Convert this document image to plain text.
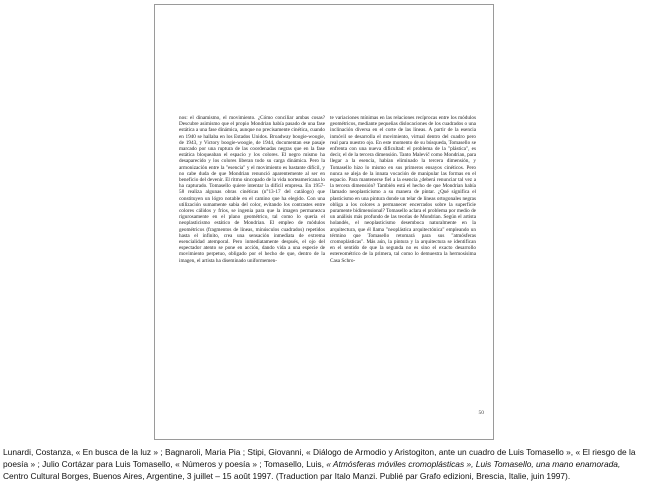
nos: el dinamismo, el movimiento. ¿Cómo conciliar ambas cosas? Descubre asimismo que el propio Mondrian había pasado de una fase estática a una fase dinámica, aunque no precisamente cinética, cuando en 1940 se hallaba en los Estados Unidos. Broadway boogie-woogie, de 1943, y Victory boogie-woogie, de 1944, documentan ese pasaje marcado por una ruptura de las coordenadas negras que en la fase estática bloqueaban el espacio y los colores. El negro mismo ha desaparecido y los colores liberan todo su carga dinámica. Pero la armonización entre la "esencia" y el movimiento es bastante difícil, y no cabe duda de que Mondrian renunció aparentemente al ser en beneficio del devenir. El ritmo sincopado de la vida norteamericana lo ha capturado. Tomasello quiere intentar la difícil empresa. En 1957-58 realiza algunas obras cinéticas (n°13-17 del catálogo) que constituyen un lógro notable en el camino que ha elegido. Con una utilización sumamente sabia del color, evitando los contrastes entre colores cálidos y fríos, se ingenia para que la imagen permanezca rigurosamente en el plano geométrico, tal como lo quería el neoplasticismo estático de Mondrian. El empleo de módulos geométricos (fragmentos de líneas, minúsculos cuadrados) repetidos hasta el infinito, crea una sensación inmediata de extrema esencialidad atemporal. Pero inmediatamente después, el ojo del espectador atento se pone en acción, dando vida a una especie de movimiento perpetuo, obligado por el hecho de que, dentro de la imagen, el artista ha diseminado uniformemen-

te variaciones mínimas en las relaciones recíprocas entre los módulos geométricos, mediante pequeñas dislocaciones de los cuadrados o una inclinación diversa en el corte de las líneas. A partir de la esencia inmóvil se desarrolla el movimiento, virtual dentro del cuadro pero real para nuestro ojo. En este momento de su búsqueda, Tomasello se enfrenta con una nueva dificultad: el problema de la "plástica", es decir, el de la tercera dimensión. Tanto Malevič como Mondrian, para llegar a la esencia, habían eliminado la tercera dimensión, y Tomasello hizo lo mismo en sus primeros ensayos cinéticos. Pero nunca se aleja de la innata vocación de manipular las formas en el espacio. Para mantenerse fiel a la esencia ¿deberá renunciar tal vez a la tercera dimensión? También está el hecho de que Mondrian había llamado neoplasticismo a su manera de pintar. ¿Qué significa el plasticismo en una pintura donde un telar de líneas ortogonales negras obliga a los colores a permanecer encerrados sobre la superficie puramente bidimensional? Tomasello aclara el problema por medio de un análisis más profundo de las teorías de Mondrian. Según el artista holandés, el neoplasticismo desemboca naturalmente en la arquitectura, que él llama "neoplástica arquitectónica" empleando un término que Tomasello retomará para sus "atmósferas cromoplásticas". Más aún, la pintura y la arquitectura se identifican en el sentido de que la segunda no es sino el exacto desarrollo estereométrico de la primera, tal como lo demuestra la hermosísima Casa Schro-

50

Lunardi, Costanza, « En busca de la luz » ; Bagnaroli, Maria Pia ; Stipi, Giovanni, « Diálogo de Armodio y Aristogiton, ante un cuadro de Luis Tomasello », « El riesgo de la poesía » ; Julio Cortázar para Luis Tomasello, « Números y poesía » ; Tomasello, Luis, « Atmósferas móviles cromoplásticas », Luis Tomasello, una mano enamorada, Centro Cultural Borges, Buenos Aires, Argentine, 3 juillet – 15 août 1997. (Traduction par Italo Manzi. Publié par Grafo edizioni, Brescia, Italie, juin 1997).
